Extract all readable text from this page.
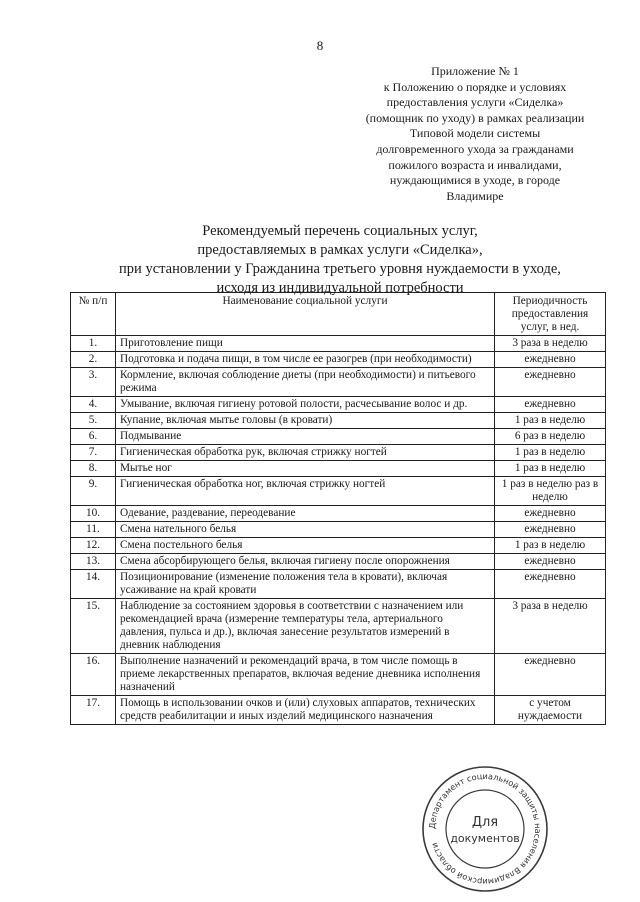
8
Приложение № 1
к Положению о порядке и условиях
предоставления услуги «Сиделка»
(помощник по уходу) в рамках реализации
Типовой модели системы
долговременного ухода за гражданами
пожилого возраста и инвалидами,
нуждающимися в уходе, в городе
Владимире
Рекомендуемый перечень социальных услуг,
предоставляемых в рамках услуги «Сиделка»,
при установлении у Гражданина третьего уровня нуждаемости в уходе,
исходя из индивидуальной потребности
№ п/п	Наименование социальной услуги	Периодичность предоставления услуг, в нед.
1.	Приготовление пищи	3 раза в неделю
2.	Подготовка и подача пищи, в том числе ее разогрев (при необходимости)	ежедневно
3.	Кормление, включая соблюдение диеты (при необходимости) и питьевого режима	ежедневно
4.	Умывание, включая гигиену ротовой полости, расчесывание волос и др.	ежедневно
5.	Купание, включая мытье головы (в кровати)	1 раз в неделю
6.	Подмывание	6 раз в неделю
7.	Гигиеническая обработка рук, включая стрижку ногтей	1 раз в неделю
8.	Мытье ног	1 раз в неделю
9.	Гигиеническая обработка ног, включая стрижку ногтей	1 раз в неделю раз в неделю
10.	Одевание, раздевание, переодевание	ежедневно
11.	Смена нательного белья	ежедневно
12.	Смена постельного белья	1 раз в неделю
13.	Смена абсорбирующего белья, включая гигиену после опорожнения	ежедневно
14.	Позиционирование (изменение положения тела в кровати), включая усаживание на край кровати	ежедневно
15.	Наблюдение за состоянием здоровья в соответствии с назначением или рекомендацией врача (измерение температуры тела, артериального давления, пульса и др.), включая занесение результатов измерений в дневник наблюдения	3 раза в неделю
16.	Выполнение назначений и рекомендаций врача, в том числе помощь в приеме лекарственных препаратов, включая ведение дневника исполнения назначений	ежедневно
17.	Помощь в использовании очков и (или) слуховых аппаратов, технических средств реабилитации и иных изделий медицинского назначения	с учетом нуждаемости
Департамент социальной защиты населения Владимирской области
Для
документов
